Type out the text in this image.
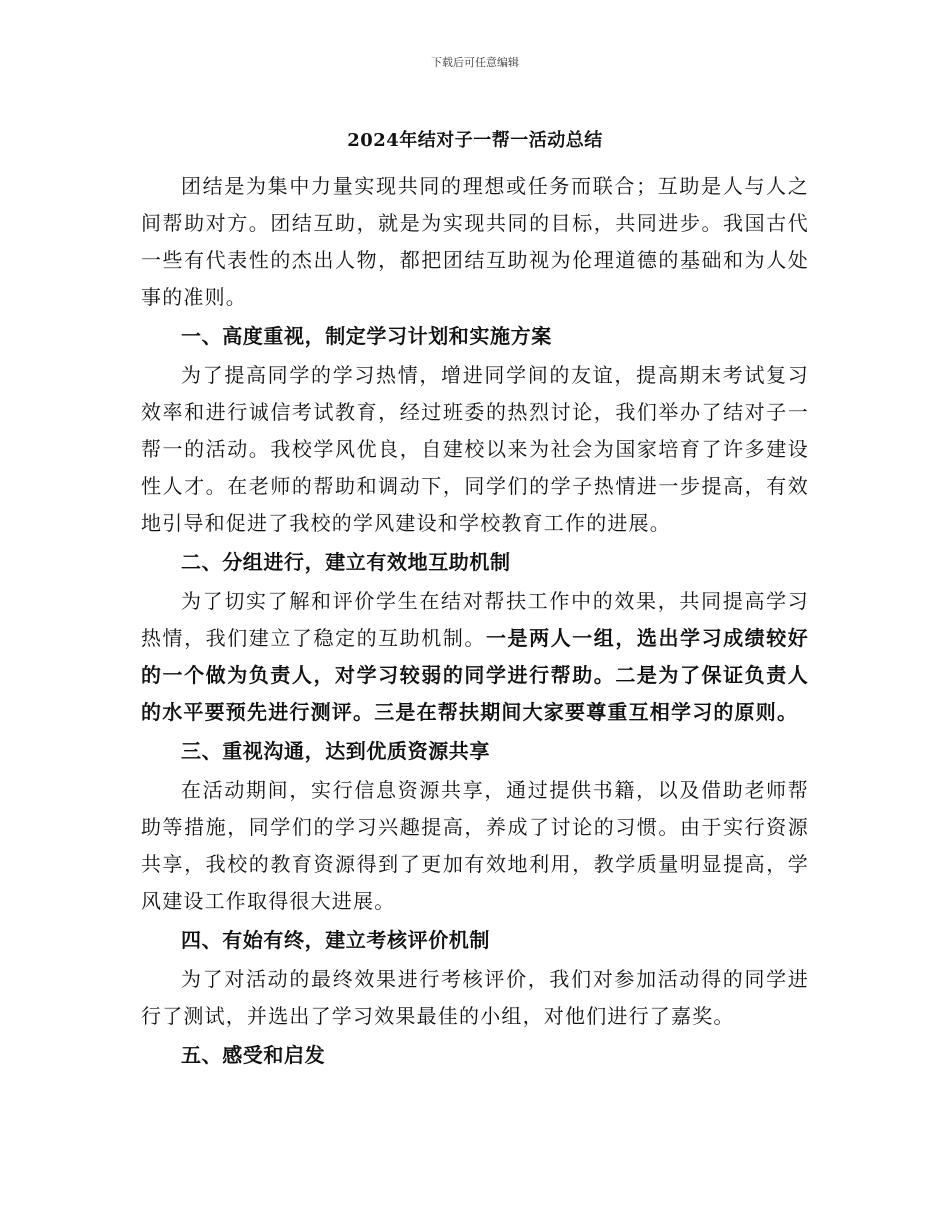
下载后可任意编辑
2024年结对子一帮一活动总结

团结是为集中力量实现共同的理想或任务而联合；互助是人与人之间帮助对方。团结互助，就是为实现共同的目标，共同进步。我国古代一些有代表性的杰出人物，都把团结互助视为伦理道德的基础和为人处事的准则。

一、高度重视，制定学习计划和实施方案

为了提高同学的学习热情，增进同学间的友谊，提高期末考试复习效率和进行诚信考试教育，经过班委的热烈讨论，我们举办了结对子一帮一的活动。我校学风优良，自建校以来为社会为国家培育了许多建设性人才。在老师的帮助和调动下，同学们的学子热情进一步提高，有效地引导和促进了我校的学风建设和学校教育工作的进展。

二、分组进行，建立有效地互助机制

为了切实了解和评价学生在结对帮扶工作中的效果，共同提高学习热情，我们建立了稳定的互助机制。一是两人一组，选出学习成绩较好的一个做为负责人，对学习较弱的同学进行帮助。二是为了保证负责人的水平要预先进行测评。三是在帮扶期间大家要尊重互相学习的原则。

三、重视沟通，达到优质资源共享

在活动期间，实行信息资源共享，通过提供书籍，以及借助老师帮助等措施，同学们的学习兴趣提高，养成了讨论的习惯。由于实行资源共享，我校的教育资源得到了更加有效地利用，教学质量明显提高，学风建设工作取得很大进展。

四、有始有终，建立考核评价机制

为了对活动的最终效果进行考核评价，我们对参加活动得的同学进行了测试，并选出了学习效果最佳的小组，对他们进行了嘉奖。

五、感受和启发
